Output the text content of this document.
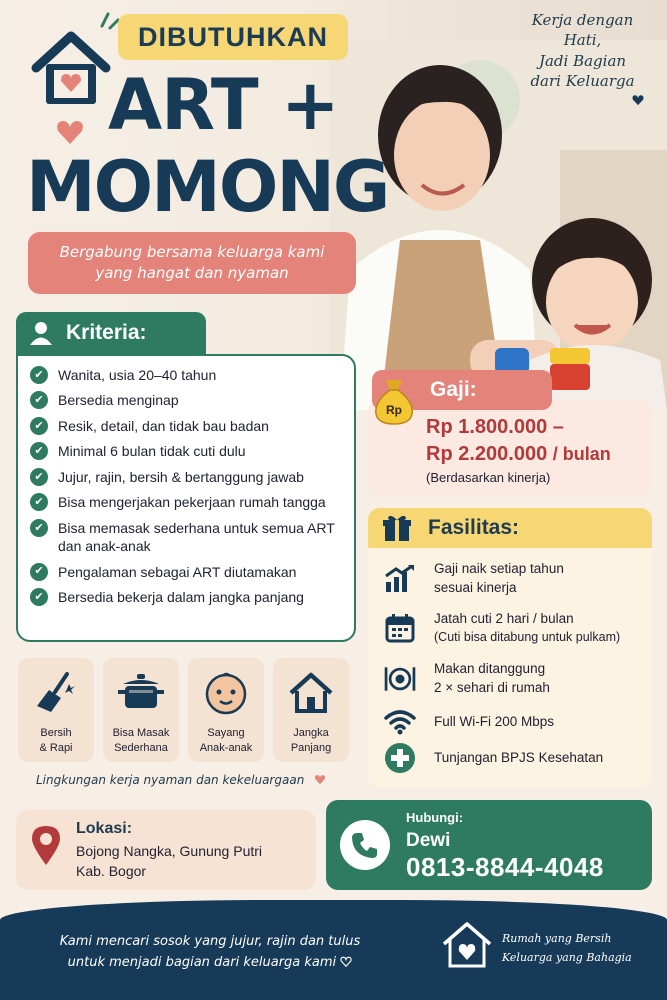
DIBUTUHKAN
ART +
MOMONG
Bergabung bersama keluarga kami
yang hangat dan nyaman
Kerja dengan
Hati,
Jadi Bagian
dari Keluarga
Kriteria:
✔	Wanita, usia 20–40 tahun
✔	Bersedia menginap
✔	Resik, detail, dan tidak bau badan
✔	Minimal 6 bulan tidak cuti dulu
✔	Jujur, rajin, bersih & bertanggung jawab
✔	Bisa mengerjakan pekerjaan rumah tangga
✔	Bisa memasak sederhana untuk semua ART dan anak-anak
✔	Pengalaman sebagai ART diutamakan
✔	Bersedia bekerja dalam jangka panjang
Rp 1.800.000 –
Rp 2.200.000 / bulan
(Berdasarkan kinerja)
Gaji:
Rp
Fasilitas:
Gaji naik setiap tahun
sesuai kinerja
Jatah cuti 2 hari / bulan
(Cuti bisa ditabung untuk pulkam)
Makan ditanggung
2 × sehari di rumah
Full Wi-Fi 200 Mbps
Tunjangan BPJS Kesehatan
Bersih
& Rapi
Bisa Masak
Sederhana
Sayang
Anak-anak
Jangka
Panjang
Lingkungan kerja nyaman dan kekeluargaan
Lokasi:
Bojong Nangka, Gunung Putri
Kab. Bogor
Hubungi:
Dewi
0813-8844-4048
Kami mencari sosok yang jujur, rajin dan tulus
untuk menjadi bagian dari keluarga kami
Rumah yang Bersih
Keluarga yang Bahagia
